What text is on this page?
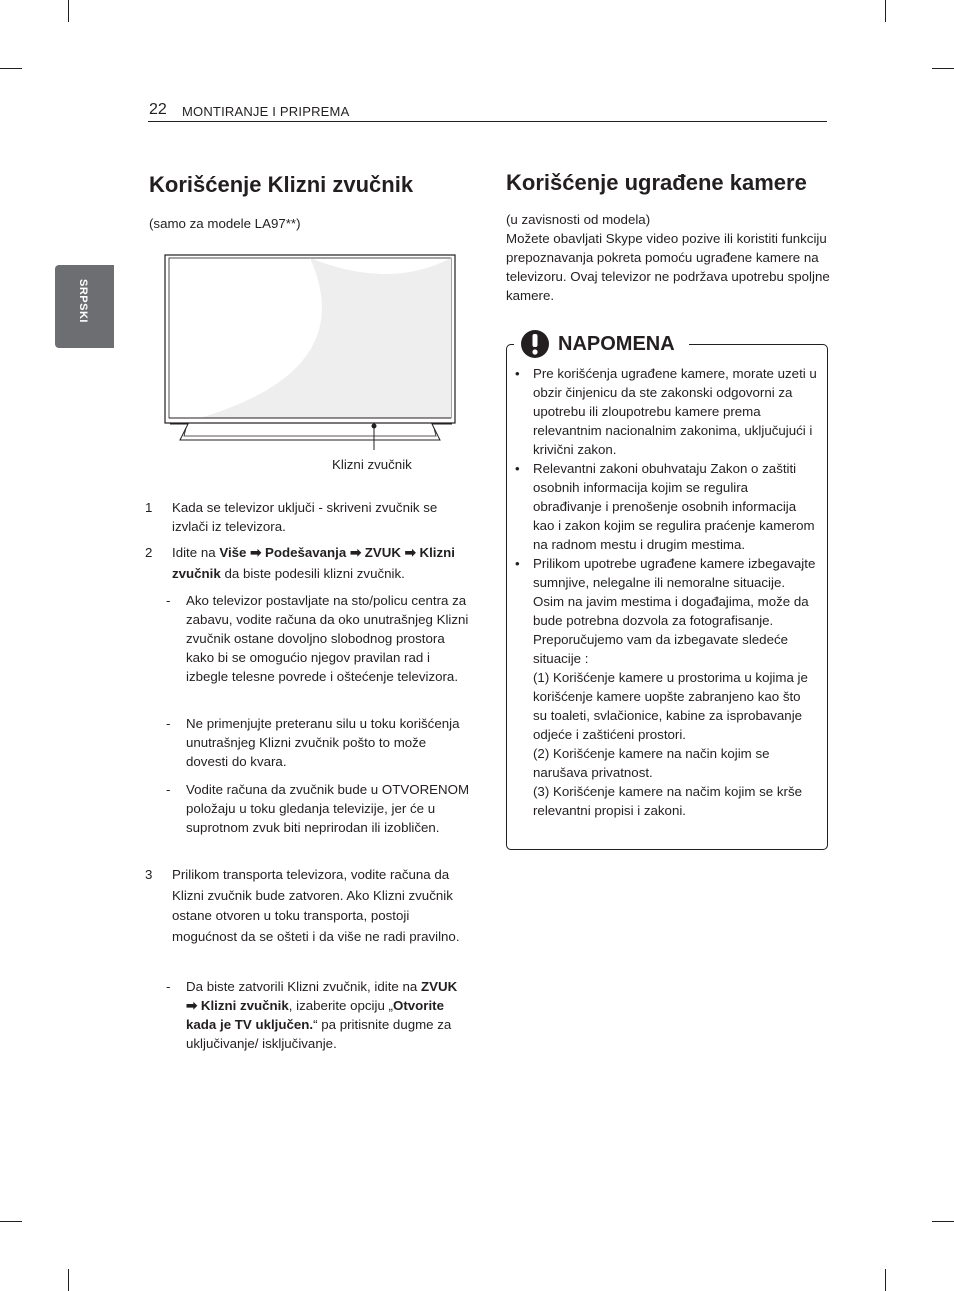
22 MONTIRANJE I PRIPREMA
SRPSKI
Korišćenje Klizni zvučnik
(samo za modele LA97**)
Klizni zvučnik
1	Kada se televizor uključi - skriveni zvučnik se izvlači iz televizora.
2	Idite na Više ➡ Podešavanja ➡ ZVUK ➡ Klizni zvučnik da biste podesili klizni zvučnik.
- Ako televizor postavljate na sto/policu centra za zabavu, vodite računa da oko unutrašnjeg Klizni zvučnik ostane dovoljno slobodnog prostora kako bi se omogućio njegov pravilan rad i izbegle telesne povrede i oštećenje televizora.
- Ne primenjujte preteranu silu u toku korišćenja unutrašnjeg Klizni zvučnik pošto to može dovesti do kvara.
- Vodite računa da zvučnik bude u OTVORENOM položaju u toku gledanja televizije, jer će u suprotnom zvuk biti neprirodan ili izobličen.
3	Prilikom transporta televizora, vodite računa da Klizni zvučnik bude zatvoren. Ako Klizni zvučnik ostane otvoren u toku transporta, postoji mogućnost da se ošteti i da više ne radi pravilno.
- Da biste zatvorili Klizni zvučnik, idite na ZVUK ➡ Klizni zvučnik, izaberite opciju „Otvorite kada je TV uključen.“ pa pritisnite dugme za uključivanje/ isključivanje.
Korišćenje ugrađene kamere
(u zavisnosti od modela)
Možete obavljati Skype video pozive ili koristiti funkciju prepoznavanja pokreta pomoću ugrađene kamere na televizoru. Ovaj televizor ne podržava upotrebu spoljne kamere.
NAPOMENA
• Pre korišćenja ugrađene kamere, morate uzeti u obzir činjenicu da ste zakonski odgovorni za upotrebu ili zloupotrebu kamere prema relevantnim nacionalnim zakonima, uključujući i krivični zakon.
• Relevantni zakoni obuhvataju Zakon o zaštiti osobnih informacija kojim se regulira obrađivanje i prenošenje osobnih informacija kao i zakon kojim se regulira praćenje kamerom na radnom mestu i drugim mestima.
• Prilikom upotrebe ugrađene kamere izbegavajte sumnjive, nelegalne ili nemoralne situacije. Osim na javim mestima i događajima, može da bude potrebna dozvola za fotografisanje. Preporučujemo vam da izbegavate sledeće situacije :
(1) Korišćenje kamere u prostorima u kojima je korišćenje kamere uopšte zabranjeno kao što su toaleti, svlačionice, kabine za isprobavanje odjeće i zaštićeni prostori.
(2) Korišćenje kamere na način kojim se narušava privatnost.
(3) Korišćenje kamere na načim kojim se krše relevantni propisi i zakoni.
